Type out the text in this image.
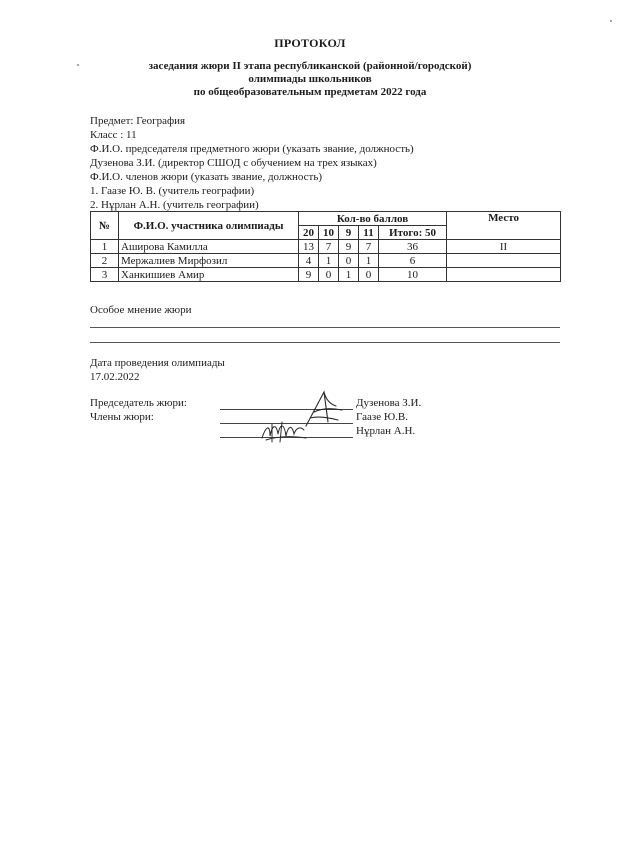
ПРОТОКОЛ
заседания жюри II этапа республиканской (районной/городской)
олимпиады школьников
по общеобразовательным предметам 2022 года
Предмет: География
Класс : 11
Ф.И.О. председателя предметного жюри (указать звание, должность)
Дузенова З.И. (директор СШОД с обучением на трех языках)
Ф.И.О. членов жюри (указать звание, должность)
1. Гаазе Ю. В. (учитель географии)
2. Нұрлан А.Н. (учитель географии)
№	Ф.И.О. участника олимпиады	Кол-во баллов					Место
		20	10	9	11	Итого: 50	
1	Аширова Камилла	13	7	9	7	36	II
2	Мержалиев Мирфозил	4	1	0	1	6	
3	Ханкишиев Амир	9	0	1	0	10	
Особое мнение жюри
Дата проведения олимпиады
17.02.2022
Председатель жюри:
Члены жюри:
Дузенова З.И.
Гаазе Ю.В.
Нұрлан А.Н.
